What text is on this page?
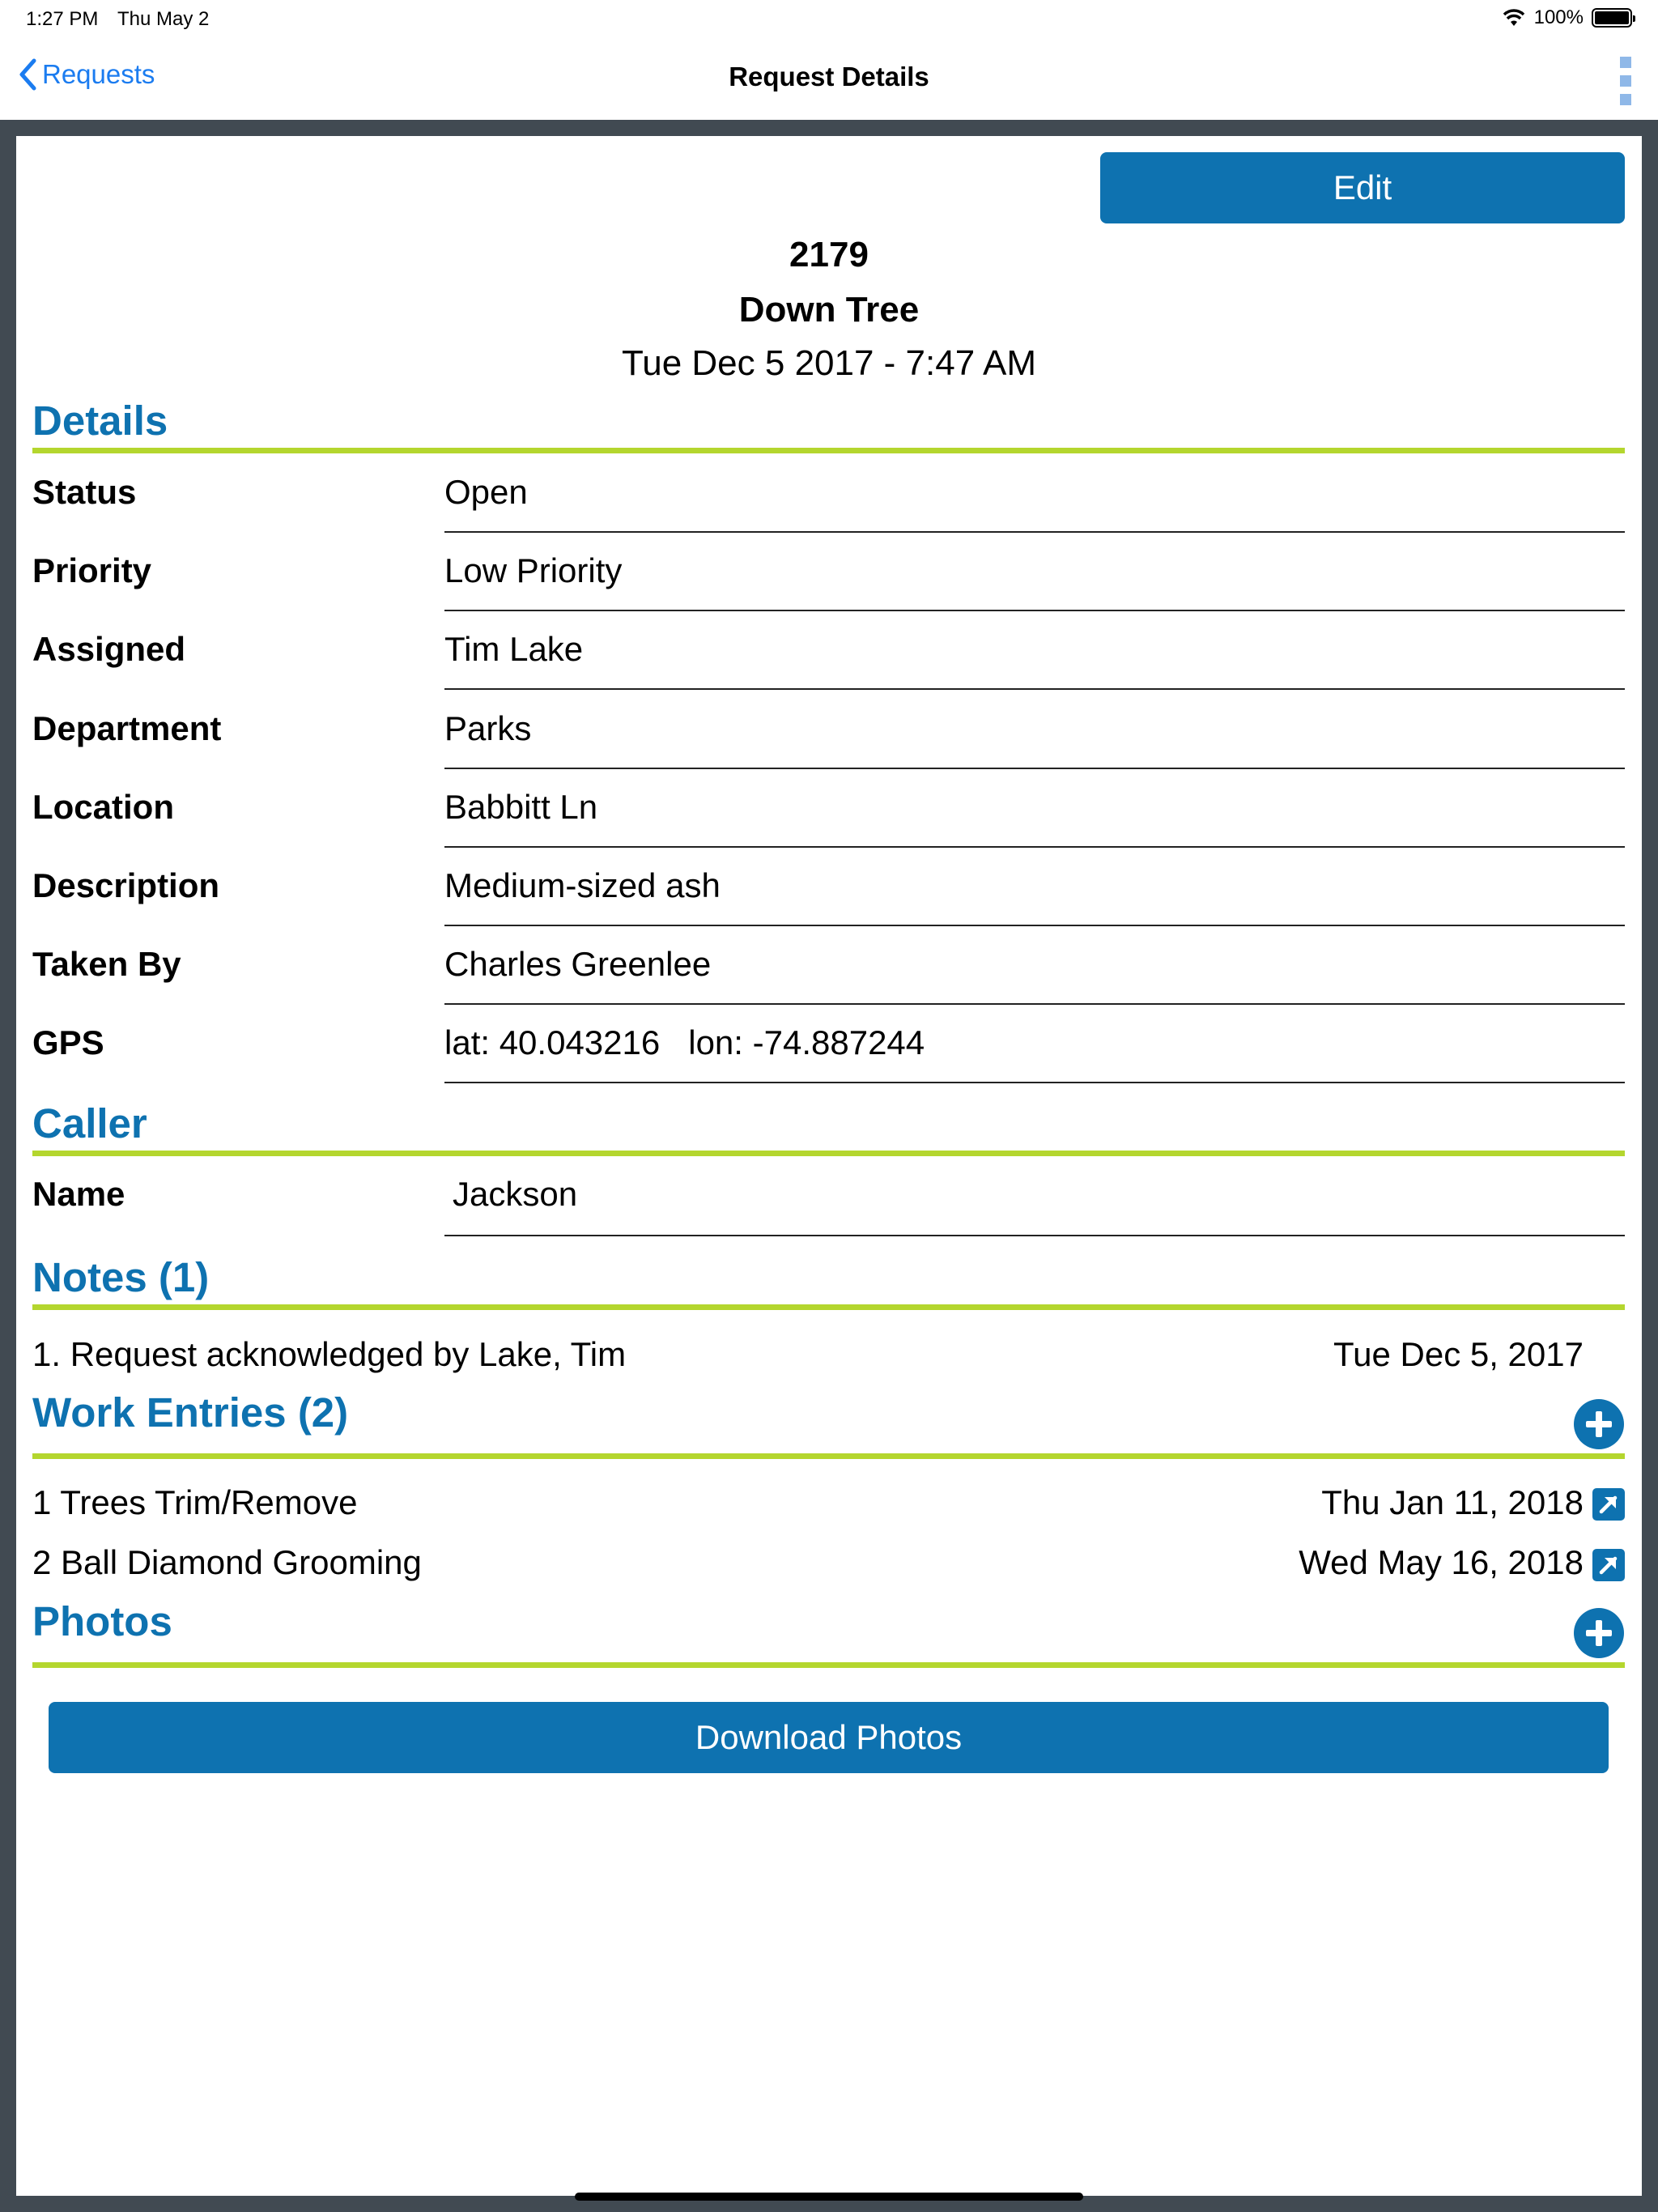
1:27 PM Thu May 2	100%
Requests	Request Details
Edit
2179
Down Tree
Tue Dec 5 2017 - 7:47 AM
Details
Status	Open
Priority	Low Priority
Assigned	Tim Lake
Department	Parks
Location	Babbitt Ln
Description	Medium-sized ash
Taken By	Charles Greenlee
GPS	lat: 40.043216   lon: -74.887244
Caller
Name	Jackson
Notes (1)
1. Request acknowledged by Lake, Tim	Tue Dec 5, 2017
Work Entries (2)
1 Trees Trim/Remove	Thu Jan 11, 2018
2 Ball Diamond Grooming	Wed May 16, 2018
Photos
Download Photos
